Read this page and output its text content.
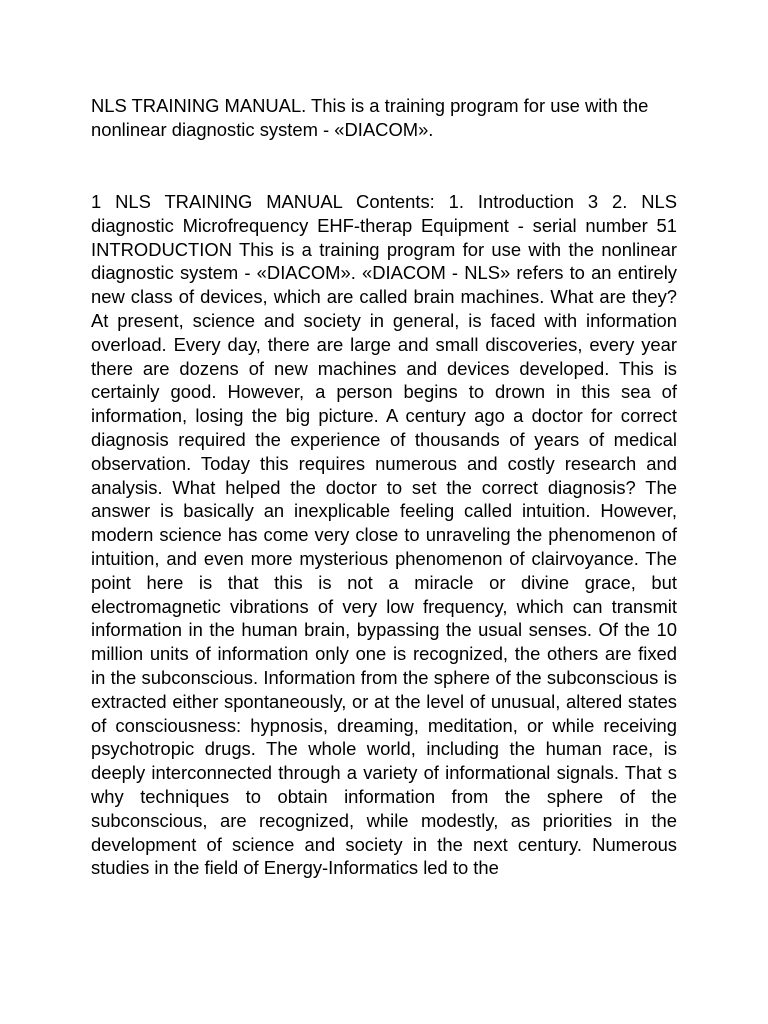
NLS TRAINING MANUAL. This is a training program for use with the nonlinear diagnostic system - «DIACOM».

1 NLS TRAINING MANUAL Contents: 1. Introduction 3 2. NLS diagnostic Microfrequency EHF-therap Equipment - serial number 51 INTRODUCTION This is a training program for use with the nonlinear diagnostic system - «DIACOM». «DIACOM - NLS» refers to an entirely new class of devices, which are called brain machines. What are they? At present, science and society in general, is faced with information overload. Every day, there are large and small discoveries, every year there are dozens of new machines and devices developed. This is certainly good. However, a person begins to drown in this sea of information, losing the big picture. A century ago a doctor for correct diagnosis required the experience of thousands of years of medical observation. Today this requires numerous and costly research and analysis. What helped the doctor to set the correct diagnosis? The answer is basically an inexplicable feeling called intuition. However, modern science has come very close to unraveling the phenomenon of intuition, and even more mysterious phenomenon of clairvoyance. The point here is that this is not a miracle or divine grace, but electromagnetic vibrations of very low frequency, which can transmit information in the human brain, bypassing the usual senses. Of the 10 million units of information only one is recognized, the others are fixed in the subconscious. Information from the sphere of the subconscious is extracted either spontaneously, or at the level of unusual, altered states of consciousness: hypnosis, dreaming, meditation, or while receiving psychotropic drugs. The whole world, including the human race, is deeply interconnected through a variety of informational signals. That s why techniques to obtain information from the sphere of the subconscious, are recognized, while modestly, as priorities in the development of science and society in the next century. Numerous studies in the field of Energy-Informatics led to the
